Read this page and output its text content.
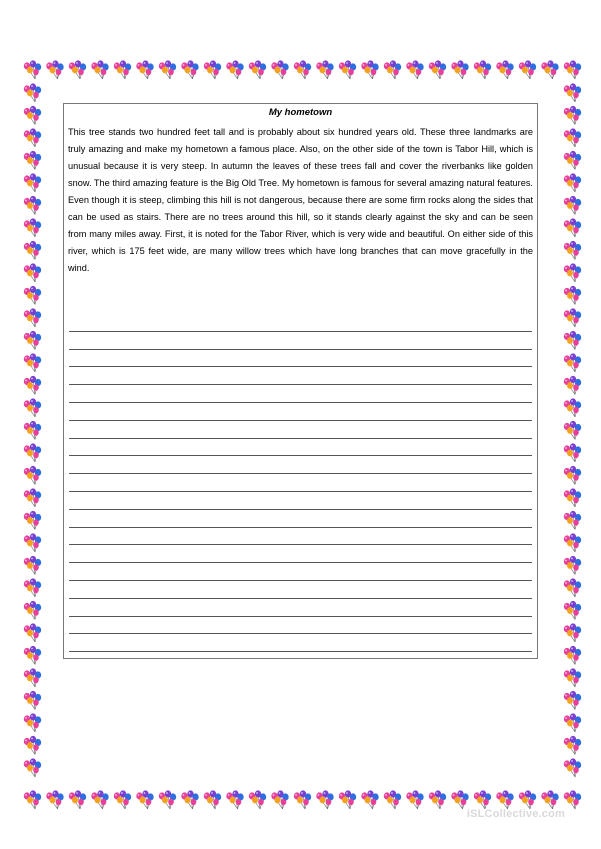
My hometown

This tree stands two hundred feet tall and is probably about six hundred years old. These three landmarks are truly amazing and make my hometown a famous place. Also, on the other side of the town is Tabor Hill, which is unusual because it is very steep. In autumn the leaves of these trees fall and cover the riverbanks like golden snow. The third amazing feature is the Big Old Tree. My hometown is famous for several amazing natural features. Even though it is steep, climbing this hill is not dangerous, because there are some firm rocks along the sides that can be used as stairs. There are no trees around this hill, so it stands clearly against the sky and can be seen from many miles away. First, it is noted for the Tabor River, which is very wide and beautiful. On either side of this river, which is 175 feet wide, are many willow trees which have long branches that can move gracefully in the wind.

iSLCollective.com
